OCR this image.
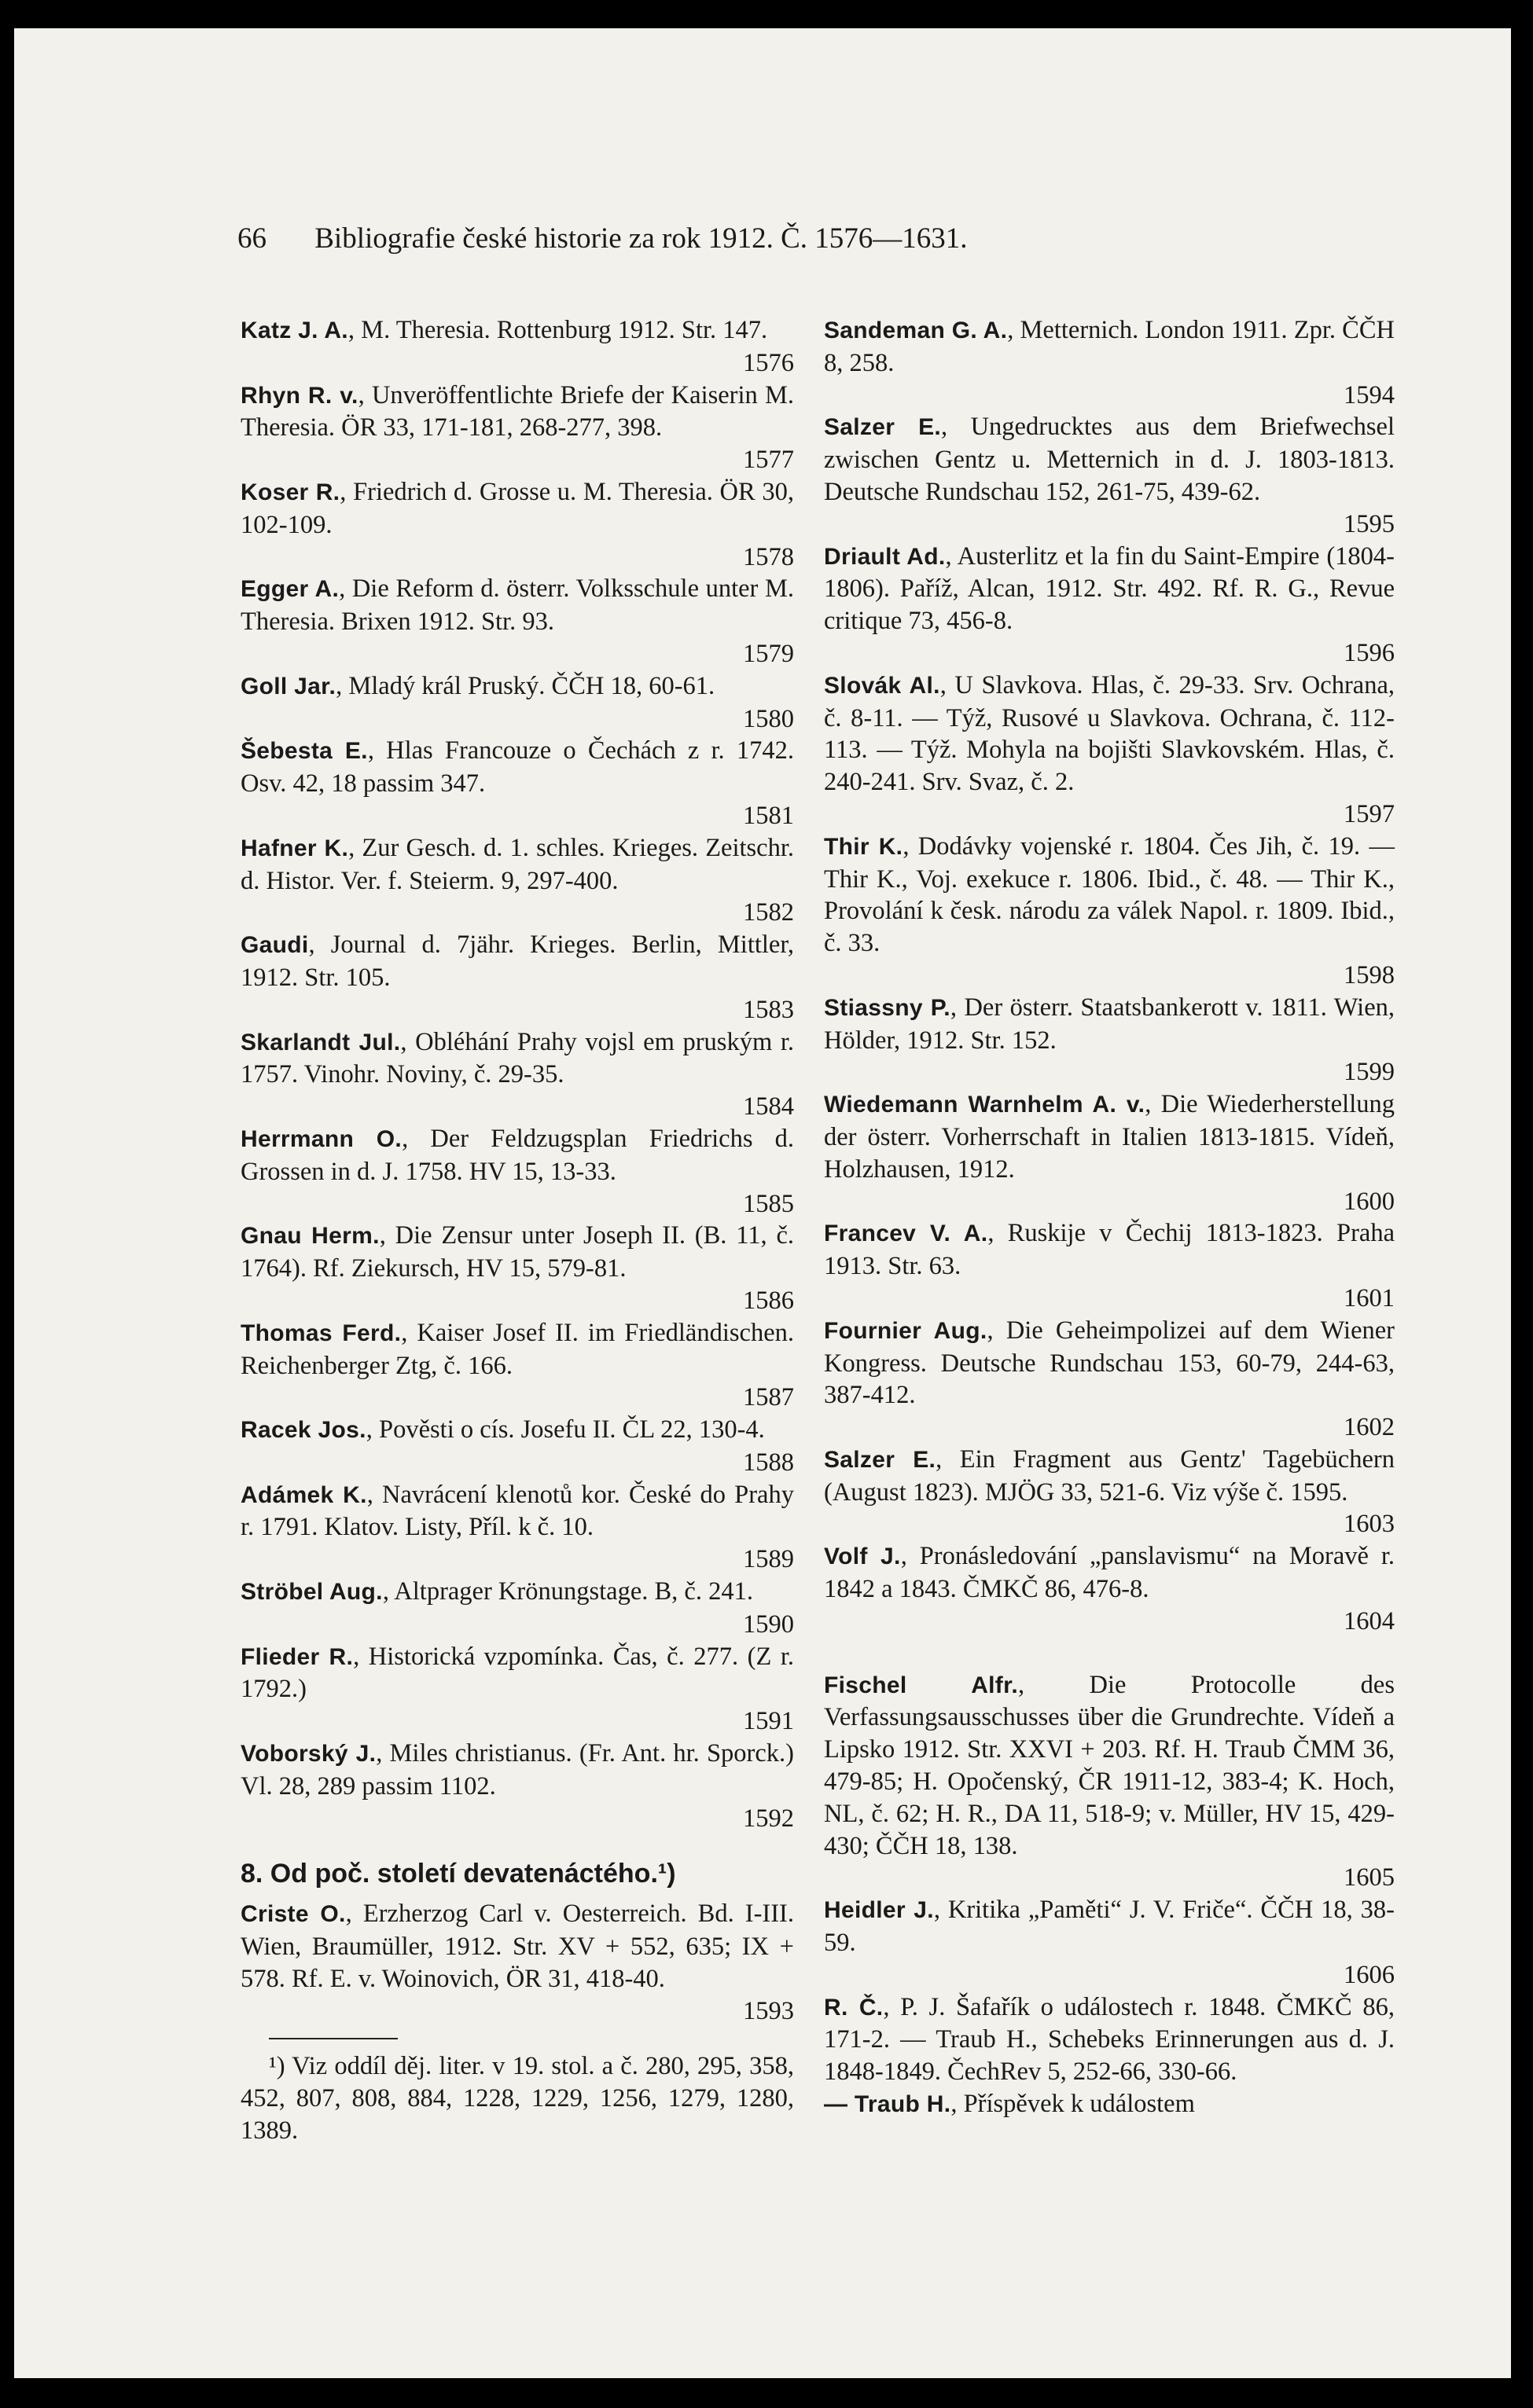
66 Bibliografie české historie za rok 1912. Č. 1576—1631.

Katz J. A., M. Theresia. Rottenburg 1912. Str. 147.
1576

Rhyn R. v., Unveröffentlichte Briefe der Kaiserin M. Theresia. ÖR 33, 171-181, 268-277, 398.
1577

Koser R., Friedrich d. Grosse u. M. Theresia. ÖR 30, 102-109.
1578

Egger A., Die Reform d. österr. Volksschule unter M. Theresia. Brixen 1912. Str. 93.
1579

Goll Jar., Mladý král Pruský. ČČH 18, 60-61.
1580

Šebesta E., Hlas Francouze o Čechách z r. 1742. Osv. 42, 18 passim 347.
1581

Hafner K., Zur Gesch. d. 1. schles. Krieges. Zeitschr. d. Histor. Ver. f. Steierm. 9, 297-400.
1582

Gaudi, Journal d. 7jähr. Krieges. Berlin, Mittler, 1912. Str. 105.
1583

Skarlandt Jul., Obléhání Prahy vojsl em pruským r. 1757. Vinohr. Noviny, č. 29-35.
1584

Herrmann O., Der Feldzugsplan Friedrichs d. Grossen in d. J. 1758. HV 15, 13-33.
1585

Gnau Herm., Die Zensur unter Joseph II. (B. 11, č. 1764). Rf. Ziekursch, HV 15, 579-81.
1586

Thomas Ferd., Kaiser Josef II. im Friedländischen. Reichenberger Ztg, č. 166.
1587

Racek Jos., Pověsti o cís. Josefu II. ČL 22, 130-4.
1588

Adámek K., Navrácení klenotů kor. České do Prahy r. 1791. Klatov. Listy, Příl. k č. 10.
1589

Ströbel Aug., Altprager Krönungstage. B, č. 241.
1590

Flieder R., Historická vzpomínka. Čas, č. 277. (Z r. 1792.)
1591

Voborský J., Miles christianus. (Fr. Ant. hr. Sporck.) Vl. 28, 289 passim 1102.
1592

8. Od poč. století devatenáctého.¹)

Criste O., Erzherzog Carl v. Oesterreich. Bd. I-III. Wien, Braumüller, 1912. Str. XV + 552, 635; IX + 578. Rf. E. v. Woinovich, ÖR 31, 418-40.
1593

¹) Viz oddíl děj. liter. v 19. stol. a č. 280, 295, 358, 452, 807, 808, 884, 1228, 1229, 1256, 1279, 1280, 1389.

Sandeman G. A., Metternich. London 1911. Zpr. ČČH 8, 258.
1594

Salzer E., Ungedrucktes aus dem Briefwechsel zwischen Gentz u. Metternich in d. J. 1803-1813. Deutsche Rundschau 152, 261-75, 439-62.
1595

Driault Ad., Austerlitz et la fin du Saint-Empire (1804-1806). Paříž, Alcan, 1912. Str. 492. Rf. R. G., Revue critique 73, 456-8.
1596

Slovák Al., U Slavkova. Hlas, č. 29-33. Srv. Ochrana, č. 8-11. — Týž, Rusové u Slavkova. Ochrana, č. 112-113. — Týž. Mohyla na bojišti Slavkovském. Hlas, č. 240-241. Srv. Svaz, č. 2.
1597

Thir K., Dodávky vojenské r. 1804. Čes Jih, č. 19. — Thir K., Voj. exekuce r. 1806. Ibid., č. 48. — Thir K., Provolání k česk. národu za válek Napol. r. 1809. Ibid., č. 33.
1598

Stiassny P., Der österr. Staatsbankerott v. 1811. Wien, Hölder, 1912. Str. 152.
1599

Wiedemann Warnhelm A. v., Die Wiederherstellung der österr. Vorherrschaft in Italien 1813-1815. Vídeň, Holzhausen, 1912.
1600

Francev V. A., Ruskije v Čechij 1813-1823. Praha 1913. Str. 63.
1601

Fournier Aug., Die Geheimpolizei auf dem Wiener Kongress. Deutsche Rundschau 153, 60-79, 244-63, 387-412.
1602

Salzer E., Ein Fragment aus Gentz' Tagebüchern (August 1823). MJÖG 33, 521-6. Viz výše č. 1595.
1603

Volf J., Pronásledování „panslavismu“ na Moravě r. 1842 a 1843. ČMKČ 86, 476-8.
1604

Fischel Alfr., Die Protocolle des Verfassungsausschusses über die Grundrechte. Vídeň a Lipsko 1912. Str. XXVI + 203. Rf. H. Traub ČMM 36, 479-85; H. Opočenský, ČR 1911-12, 383-4; K. Hoch, NL, č. 62; H. R., DA 11, 518-9; v. Müller, HV 15, 429-430; ČČH 18, 138.
1605

Heidler J., Kritika „Paměti“ J. V. Friče“. ČČH 18, 38-59.
1606

R. Č., P. J. Šafařík o událostech r. 1848. ČMKČ 86, 171-2. — Traub H., Schebeks Erinnerungen aus d. J. 1848-1849. ČechRev 5, 252-66, 330-66.

— Traub H., Příspěvek k událostem
